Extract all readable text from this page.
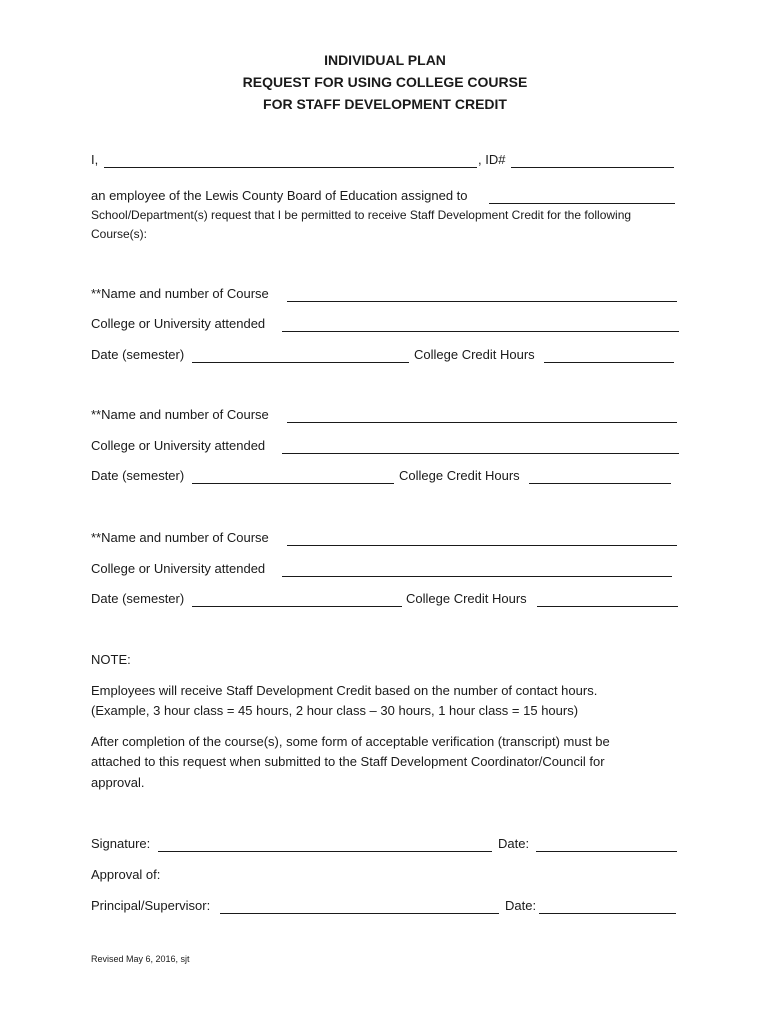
INDIVIDUAL PLAN
REQUEST FOR USING COLLEGE COURSE
FOR STAFF DEVELOPMENT CREDIT
I,	, ID#
an employee of the Lewis County Board of Education assigned to
School/Department(s) request that I be permitted to receive Staff Development Credit for the following
Course(s):
**Name and number of Course
College or University attended
Date (semester)	College Credit Hours
**Name and number of Course
College or University attended
Date (semester)	College Credit Hours
**Name and number of Course
College or University attended
Date (semester)	College Credit Hours
NOTE:
Employees will receive Staff Development Credit based on the number of contact hours.
(Example, 3 hour class = 45 hours, 2 hour class – 30 hours, 1 hour class = 15 hours)
After completion of the course(s), some form of acceptable verification (transcript) must be
attached to this request when submitted to the Staff Development Coordinator/Council for
approval.
Signature:	Date:
Approval of:
Principal/Supervisor:	Date:
Revised May 6, 2016, sjt
